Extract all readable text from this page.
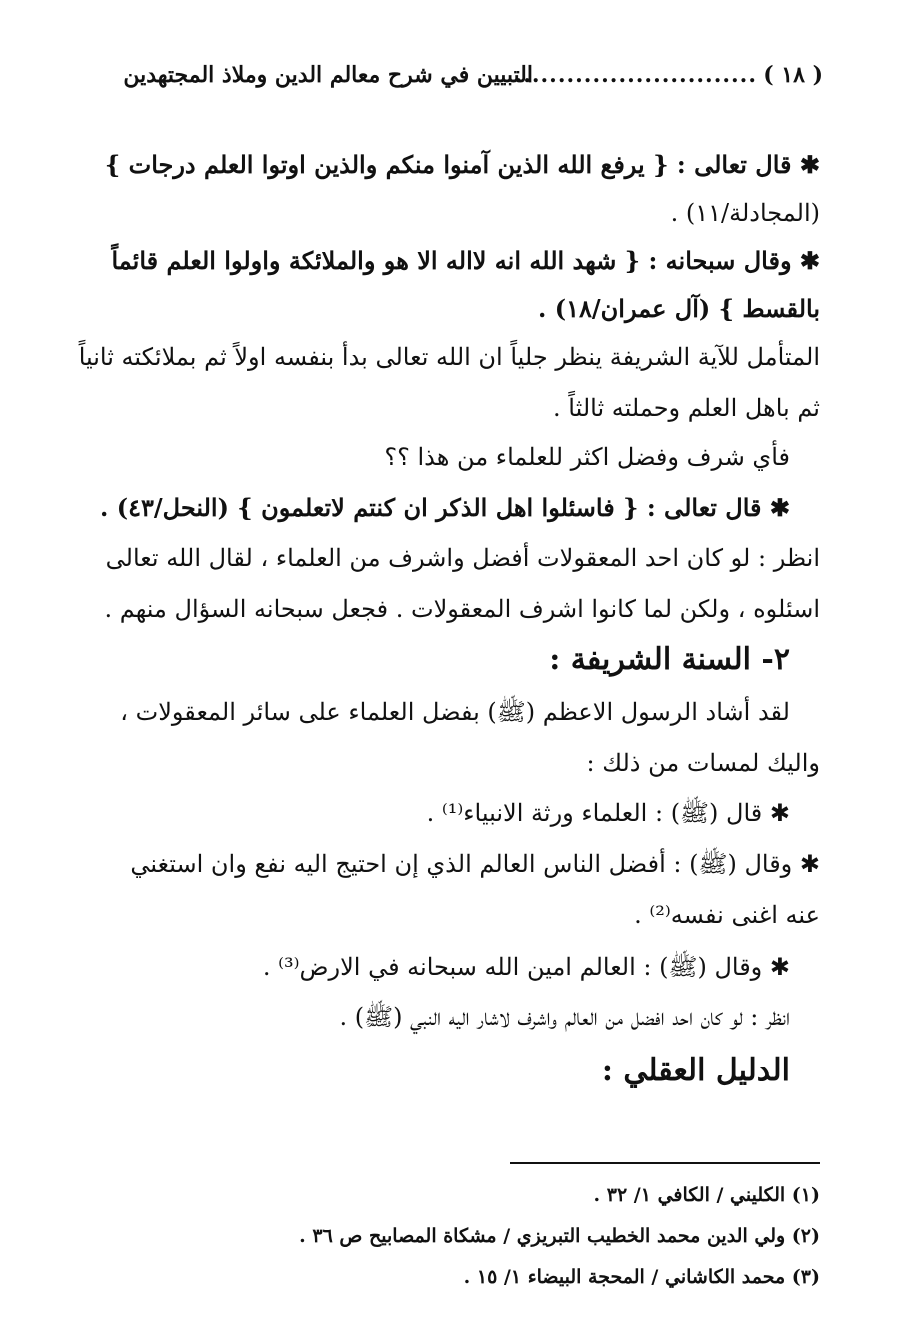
( ١٨ )
............................
التبيين في شرح معالم الدين وملاذ المجتهدين
✱ قال تعالى : { يرفع الله الذين آمنوا منكم والذين اوتوا العلم درجات }
(المجادلة/١١) .
✱ وقال سبحانه : { شهد الله انه لااله الا هو والملائكة واولوا العلم قائماً
بالقسط } (آل عمران/١٨) .
المتأمل للآية الشريفة ينظر جلياً ان الله تعالى بدأ بنفسه اولاً ثم بملائكته ثانياً
ثم باهل العلم وحملته ثالثاً .
فأي شرف وفضل اكثر للعلماء من هذا ؟؟
✱ قال تعالى : { فاسئلوا اهل الذكر ان كنتم لاتعلمون } (النحل/٤٣) .
انظر : لو كان احد المعقولات أفضل واشرف من العلماء ، لقال الله تعالى
اسئلوه ، ولكن لما كانوا اشرف المعقولات . فجعل سبحانه السؤال منهم .
٢- السنة الشريفة :
لقد أشاد الرسول الاعظم (ﷺ) بفضل العلماء على سائر المعقولات ،
واليك لمسات من ذلك :
✱ قال (ﷺ) : العلماء ورثة الانبياء⁽¹⁾ .
✱ وقال (ﷺ) : أفضل الناس العالم الذي إن احتيج اليه نفع وان استغني
عنه اغنى نفسه⁽²⁾ .
✱ وقال (ﷺ) : العالم امين الله سبحانه في الارض⁽³⁾ .
انظر : لو كان احد افضل من العالم واشرف لاشار اليه النبي (ﷺ) .
الدليل العقلي :
(١) الكليني / الكافي ١/ ٣٢ .
(٢) ولي الدين محمد الخطيب التبريزي / مشكاة المصابيح ص ٣٦ .
(٣) محمد الكاشاني / المحجة البيضاء ١/ ١٥ .
